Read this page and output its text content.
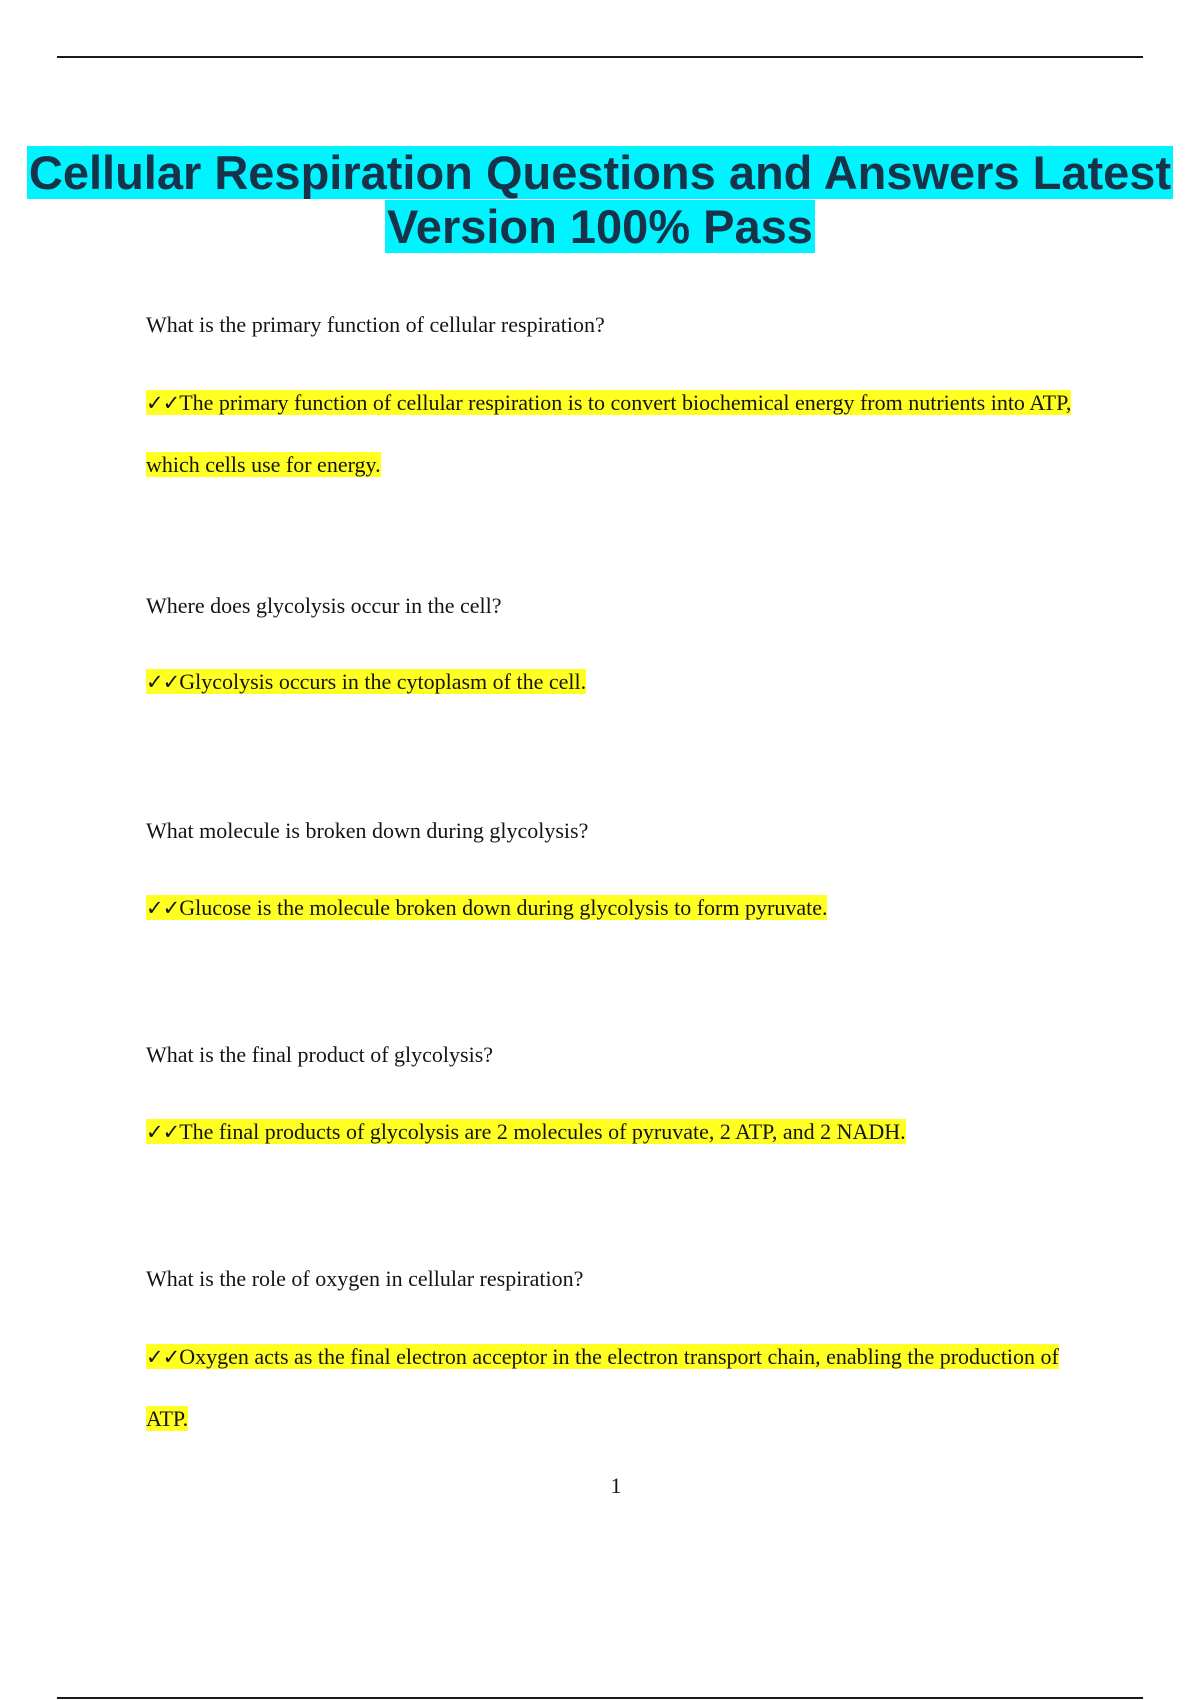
Cellular Respiration Questions and Answers Latest Version 100% Pass
What is the primary function of cellular respiration?
✓✓The primary function of cellular respiration is to convert biochemical energy from nutrients into ATP, which cells use for energy.
Where does glycolysis occur in the cell?
✓✓Glycolysis occurs in the cytoplasm of the cell.
What molecule is broken down during glycolysis?
✓✓Glucose is the molecule broken down during glycolysis to form pyruvate.
What is the final product of glycolysis?
✓✓The final products of glycolysis are 2 molecules of pyruvate, 2 ATP, and 2 NADH.
What is the role of oxygen in cellular respiration?
✓✓Oxygen acts as the final electron acceptor in the electron transport chain, enabling the production of ATP.
1
